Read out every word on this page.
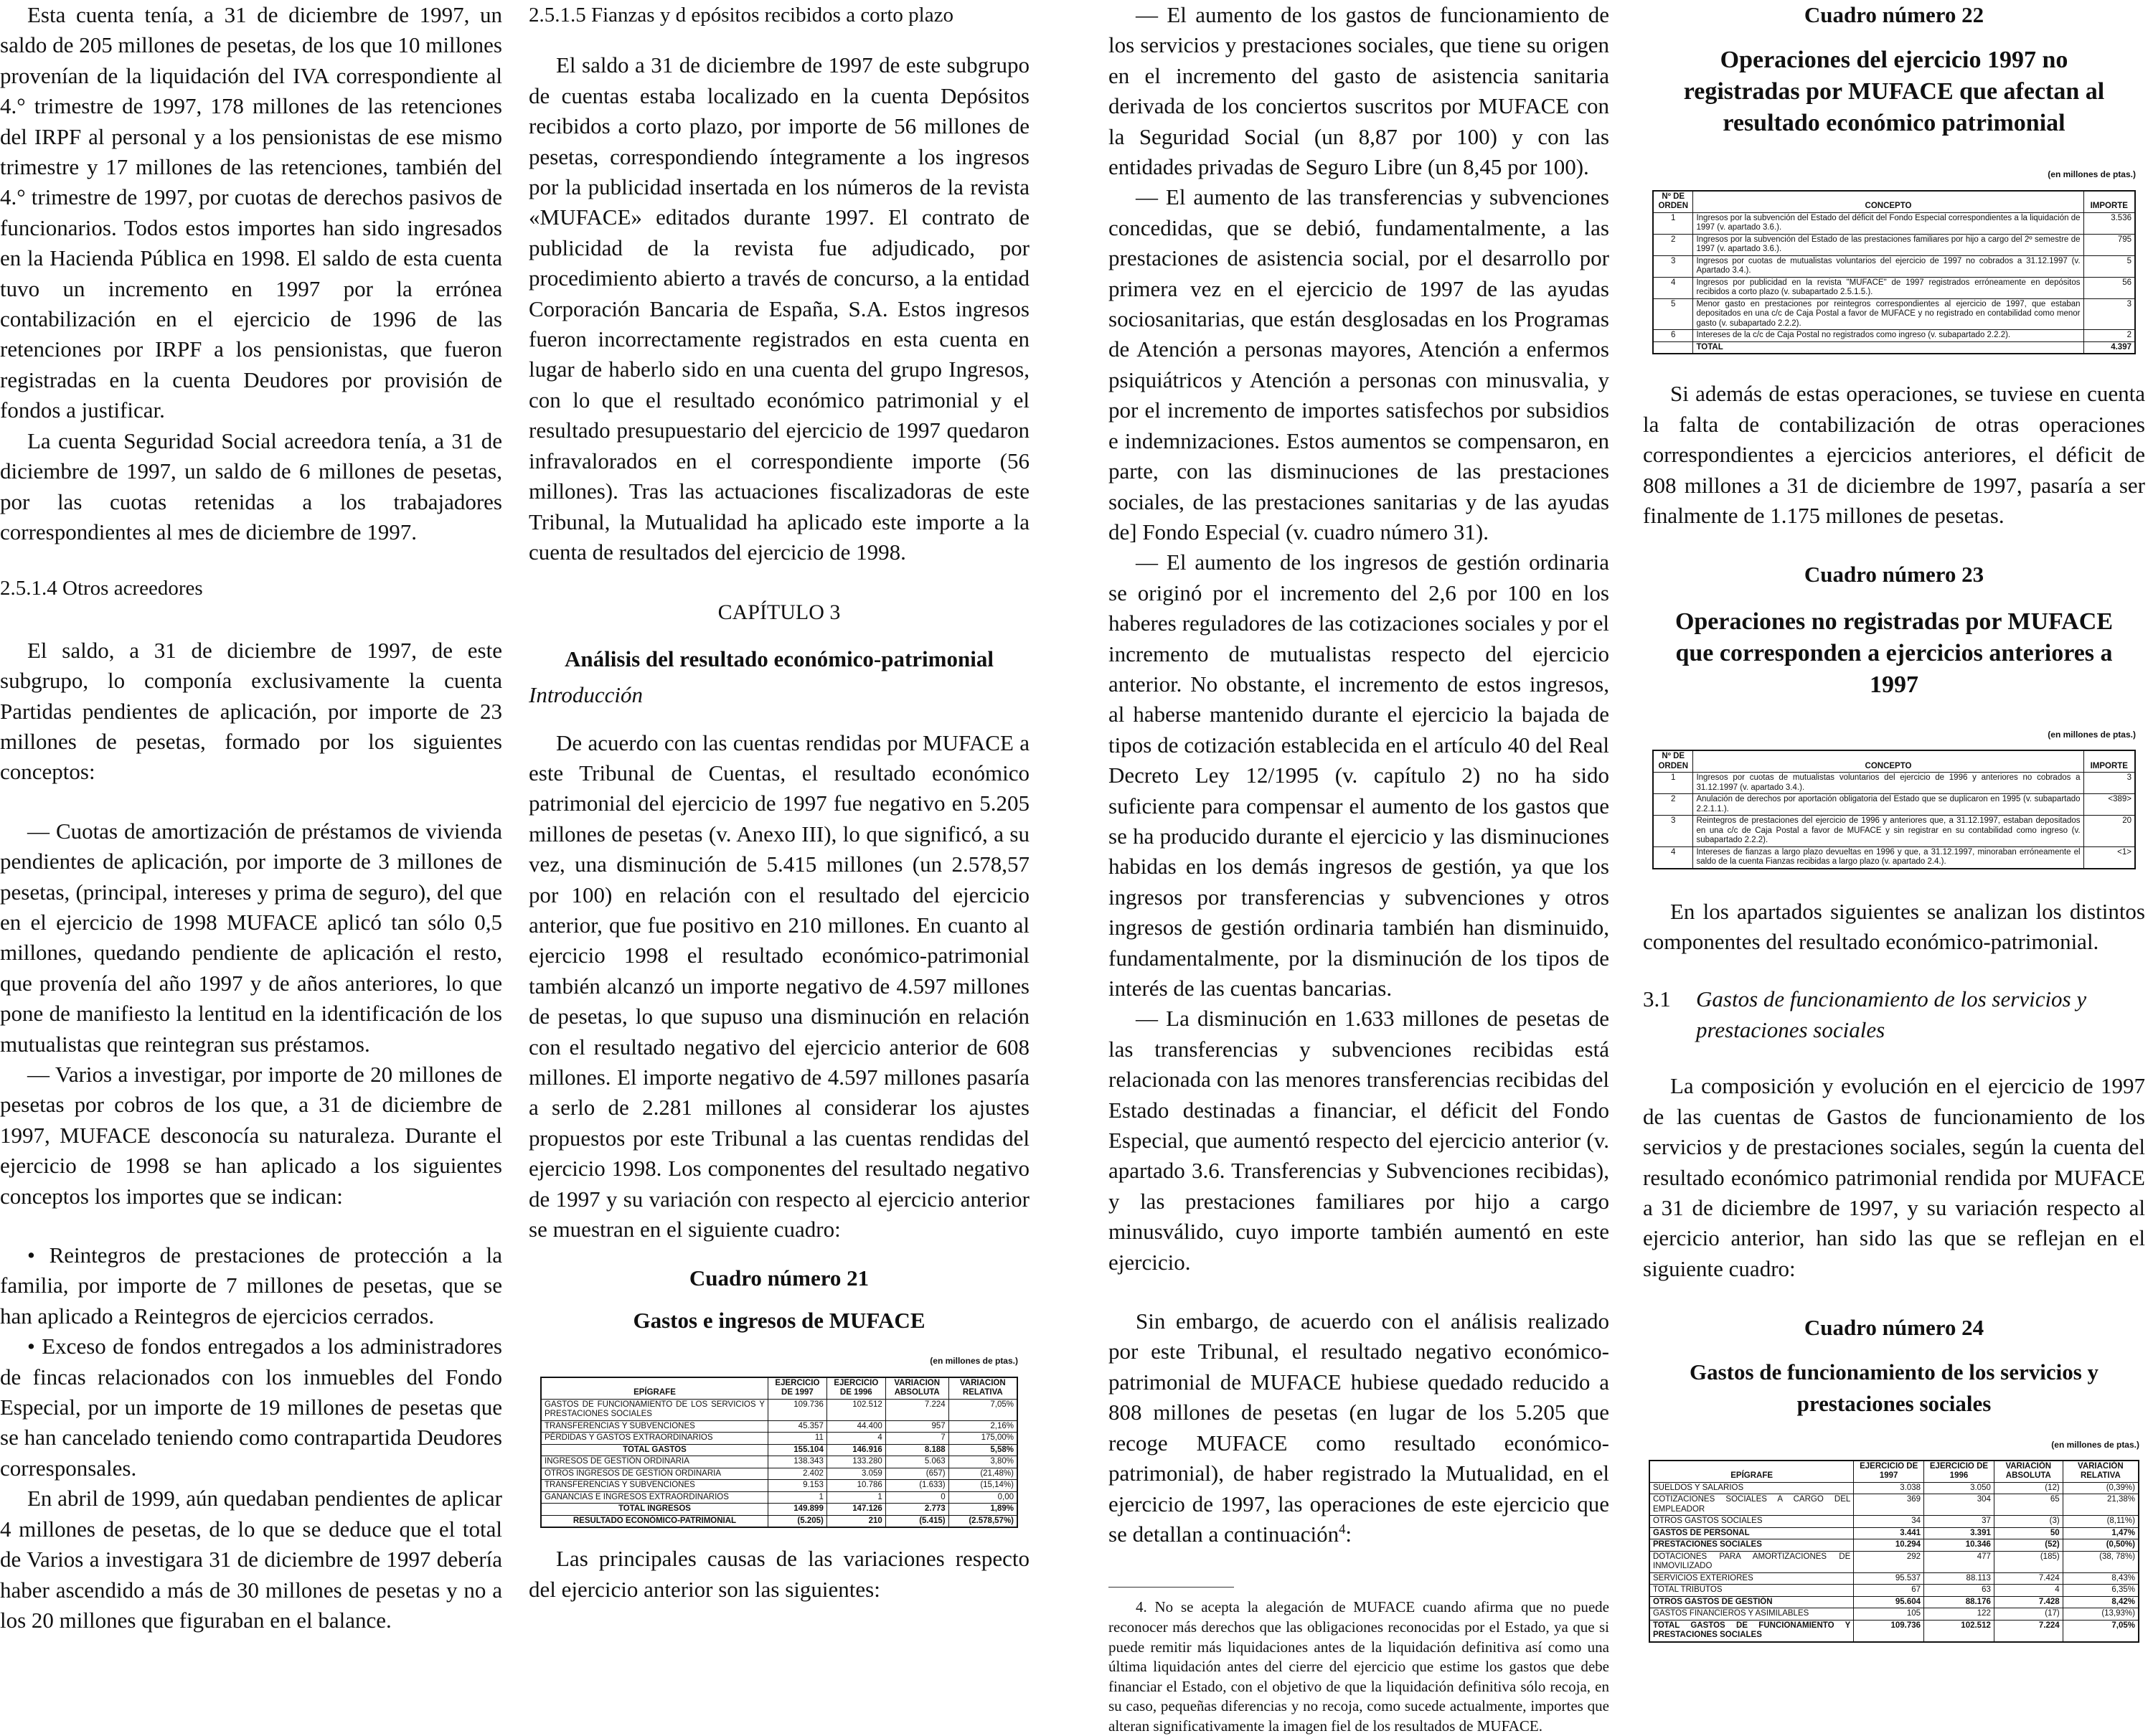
Esta cuenta tenía, a 31 de diciembre de 1997, un saldo de 205 millones de pesetas, de los que 10 millones provenían de la liquidación del IVA correspondiente al 4.° trimestre de 1997, 178 millones de las retenciones del IRPF al personal y a los pensionistas de ese mismo trimestre y 17 millones de las retenciones, también del 4.° trimestre de 1997, por cuotas de derechos pasivos de funcionarios. Todos estos importes han sido ingresados en la Hacienda Pública en 1998. El saldo de esta cuenta tuvo un incremento en 1997 por la errónea contabilización en el ejercicio de 1996 de las retenciones por IRPF a los pensionistas, que fueron registradas en la cuenta Deudores por provisión de fondos a justificar.

La cuenta Seguridad Social acreedora tenía, a 31 de diciembre de 1997, un saldo de 6 millones de pesetas, por las cuotas retenidas a los trabajadores correspondientes al mes de diciembre de 1997.

2.5.1.4 Otros acreedores

El saldo, a 31 de diciembre de 1997, de este subgrupo, lo componía exclusivamente la cuenta Partidas pendientes de aplicación, por importe de 23 millones de pesetas, formado por los siguientes conceptos:

— Cuotas de amortización de préstamos de vivienda pendientes de aplicación, por importe de 3 millones de pesetas, (principal, intereses y prima de seguro), del que en el ejercicio de 1998 MUFACE aplicó tan sólo 0,5 millones, quedando pendiente de aplicación el resto, que provenía del año 1997 y de años anteriores, lo que pone de manifiesto la lentitud en la identificación de los mutualistas que reintegran sus préstamos.

— Varios a investigar, por importe de 20 millones de pesetas por cobros de los que, a 31 de diciembre de 1997, MUFACE desconocía su naturaleza. Durante el ejercicio de 1998 se han aplicado a los siguientes conceptos los importes que se indican:

• Reintegros de prestaciones de protección a la familia, por importe de 7 millones de pesetas, que se han aplicado a Reintegros de ejercicios cerrados.

• Exceso de fondos entregados a los administradores de fincas relacionados con los inmuebles del Fondo Especial, por un importe de 19 millones de pesetas que se han cancelado teniendo como contrapartida Deudores corresponsales.

En abril de 1999, aún quedaban pendientes de aplicar 4 millones de pesetas, de lo que se deduce que el total de Varios a investigara 31 de diciembre de 1997 debería haber ascendido a más de 30 millones de pesetas y no a los 20 millones que figuraban en el balance.

2.5.1.5 Fianzas y d epósitos recibidos a corto plazo

El saldo a 31 de diciembre de 1997 de este subgrupo de cuentas estaba localizado en la cuenta Depósitos recibidos a corto plazo, por importe de 56 millones de pesetas, correspondiendo íntegramente a los ingresos por la publicidad insertada en los números de la revista «MUFACE» editados durante 1997. El contrato de publicidad de la revista fue adjudicado, por procedimiento abierto a través de concurso, a la entidad Corporación Bancaria de España, S.A. Estos ingresos fueron incorrectamente registrados en esta cuenta en lugar de haberlo sido en una cuenta del grupo Ingresos, con lo que el resultado económico patrimonial y el resultado presupuestario del ejercicio de 1997 quedaron infravalorados en el correspondiente importe (56 millones). Tras las actuaciones fiscalizadoras de este Tribunal, la Mutualidad ha aplicado este importe a la cuenta de resultados del ejercicio de 1998.

CAPÍTULO 3

Análisis del resultado económico-patrimonial

Introducción

De acuerdo con las cuentas rendidas por MUFACE a este Tribunal de Cuentas, el resultado económico patrimonial del ejercicio de 1997 fue negativo en 5.205 millones de pesetas (v. Anexo III), lo que significó, a su vez, una disminución de 5.415 millones (un 2.578,57 por 100) en relación con el resultado del ejercicio anterior, que fue positivo en 210 millones. En cuanto al ejercicio 1998 el resultado económico-patrimonial también alcanzó un importe negativo de 4.597 millones de pesetas, lo que supuso una disminución en relación con el resultado negativo del ejercicio anterior de 608 millones. El importe negativo de 4.597 millones pasaría a serlo de 2.281 millones al considerar los ajustes propuestos por este Tribunal a las cuentas rendidas del ejercicio 1998. Los componentes del resultado negativo de 1997 y su variación con respecto al ejercicio anterior se muestran en el siguiente cuadro:

Cuadro número 21

Gastos e ingresos de MUFACE

(en millones de ptas.)
EPÍGRAFE	EJERCICIO DE 1997	EJERCICIO DE 1996	VARIACION ABSOLUTA	VARIACION RELATIVA
GASTOS DE FUNCIONAMIENTO DE LOS SERVICIOS Y PRESTACIONES SOCIALES	109.736	102.512	7.224	7,05%
TRANSFERENCIAS Y SUBVENCIONES	45.357	44.400	957	2,16%
PÉRDIDAS Y GASTOS EXTRAORDINARIOS	11	4	7	175,00%
TOTAL GASTOS	155.104	146.916	8.188	5,58%
INGRESOS DE GESTIÓN ORDINARIA	138.343	133.280	5.063	3,80%
OTROS INGRESOS DE GESTIÓN ORDINARIA	2.402	3.059	(657)	(21,48%)
TRANSFERENCIAS Y SUBVENCIONES	9.153	10.786	(1.633)	(15,14%)
GANANCIAS E INGRESOS EXTRAORDINARIOS	1	1	0	0,00
TOTAL INGRESOS	149.899	147.126	2.773	1,89%
RESULTADO ECONÓMICO-PATRIMONIAL	(5.205)	210	(5.415)	(2.578,57%)

Las principales causas de las variaciones respecto del ejercicio anterior son las siguientes:

— El aumento de los gastos de funcionamiento de los servicios y prestaciones sociales, que tiene su origen en el incremento del gasto de asistencia sanitaria derivada de los conciertos suscritos por MUFACE con la Seguridad Social (un 8,87 por 100) y con las entidades privadas de Seguro Libre (un 8,45 por 100).

— El aumento de las transferencias y subvenciones concedidas, que se debió, fundamentalmente, a las prestaciones de asistencia social, por el desarrollo por primera vez en el ejercicio de 1997 de las ayudas sociosanitarias, que están desglosadas en los Programas de Atención a personas mayores, Atención a enfermos psiquiátricos y Atención a personas con minusvalia, y por el incremento de importes satisfechos por subsidios e indemnizaciones. Estos aumentos se compensaron, en parte, con las disminuciones de las prestaciones sociales, de las prestaciones sanitarias y de las ayudas de] Fondo Especial (v. cuadro número 31).

— El aumento de los ingresos de gestión ordinaria se originó por el incremento del 2,6 por 100 en los haberes reguladores de las cotizaciones sociales y por el incremento de mutualistas respecto del ejercicio anterior. No obstante, el incremento de estos ingresos, al haberse mantenido durante el ejercicio la bajada de tipos de cotización establecida en el artículo 40 del Real Decreto Ley 12/1995 (v. capítulo 2) no ha sido suficiente para compensar el aumento de los gastos que se ha producido durante el ejercicio y las disminuciones habidas en los demás ingresos de gestión, ya que los ingresos por transferencias y subvenciones y otros ingresos de gestión ordinaria también han disminuido, fundamentalmente, por la disminución de los tipos de interés de las cuentas bancarias.

— La disminución en 1.633 millones de pesetas de las transferencias y subvenciones recibidas está relacionada con las menores transferencias recibidas del Estado destinadas a financiar, el déficit del Fondo Especial, que aumentó respecto del ejercicio anterior (v. apartado 3.6. Transferencias y Subvenciones recibidas), y las prestaciones familiares por hijo a cargo minusválido, cuyo importe también aumentó en este ejercicio.

Sin embargo, de acuerdo con el análisis realizado por este Tribunal, el resultado negativo económico-patrimonial de MUFACE hubiese quedado reducido a 808 millones de pesetas (en lugar de los 5.205 que recoge MUFACE como resultado económico-patrimonial), de haber registrado la Mutualidad, en el ejercicio de 1997, las operaciones de este ejercicio que se detallan a continuación$^4$:

4. No se acepta la alegación de MUFACE cuando afirma que no puede reconocer más derechos que las obligaciones reconocidas por el Estado, ya que si puede remitir más liquidaciones antes de la liquidación definitiva así como una última liquidación antes del cierre del ejercicio que estime los gastos que debe financiar el Estado, con el objetivo de que la liquidación definitiva sólo recoja, en su caso, pequeñas diferencias y no recoja, como sucede actualmente, importes que alteran significativamente la imagen fiel de los resultados de MUFACE.

Cuadro número 22

Operaciones del ejercicio 1997 no registradas por MUFACE que afectan al resultado económico patrimonial

(en millones de ptas.)
Nº DE ORDEN	CONCEPTO	IMPORTE
1	Ingresos por la subvención del Estado del déficit del Fondo Especial correspondientes a la liquidación de 1997 (v. apartado 3.6.).	3.536
2	Ingresos por la subvención del Estado de las prestaciones familiares por hijo a cargo del 2º semestre de 1997 (v. apartado 3.6.).	795
3	Ingresos por cuotas de mutualistas voluntarios del ejercicio de 1997 no cobrados a 31.12.1997 (v. Apartado 3.4.).	5
4	Ingresos por publicidad en la revista "MUFACE" de 1997 registrados erróneamente en depósitos recibidos a corto plazo (v. subapartado 2.5.1.5.).	56
5	Menor gasto en prestaciones por reintegros correspondientes al ejercicio de 1997, que estaban depositados en una c/c de Caja Postal a favor de MUFACE y no registrado en contabilidad como menor gasto (v. subapartado 2.2.2).	3
6	Intereses de la c/c de Caja Postal no registrados como ingreso (v. subapartado 2.2.2).	2
	TOTAL	4.397

Si además de estas operaciones, se tuviese en cuenta la falta de contabilización de otras operaciones correspondientes a ejercicios anteriores, el déficit de 808 millones a 31 de diciembre de 1997, pasaría a ser finalmente de 1.175 millones de pesetas.

Cuadro número 23

Operaciones no registradas por MUFACE que corresponden a ejercicios anteriores a 1997

(en millones de ptas.)
Nº DE ORDEN	CONCEPTO	IMPORTE
1	Ingresos por cuotas de mutualistas voluntarios del ejercicio de 1996 y anteriores no cobrados a 31.12.1997 (v. apartado 3.4.).	3
2	Anulación de derechos por aportación obligatoria del Estado que se duplicaron en 1995 (v. subapartado 2.2.1.1.).	<389>
3	Reintegros de prestaciones del ejercicio de 1996 y anteriores que, a 31.12.1997, estaban depositados en una c/c de Caja Postal a favor de MUFACE y sin registrar en su contabilidad como ingreso (v. subapartado 2.2.2).	20
4	Intereses de fianzas a largo plazo devueltas en 1996 y que, a 31.12.1997, minoraban erróneamente el saldo de la cuenta Fianzas recibidas a largo plazo (v. apartado 2.4.).	<1>

En los apartados siguientes se analizan los distintos componentes del resultado económico-patrimonial.

3.1	Gastos de funcionamiento de los servicios y prestaciones sociales

La composición y evolución en el ejercicio de 1997 de las cuentas de Gastos de funcionamiento de los servicios y de prestaciones sociales, según la cuenta del resultado económico patrimonial rendida por MUFACE a 31 de diciembre de 1997, y su variación respecto al ejercicio anterior, han sido las que se reflejan en el siguiente cuadro:

Cuadro número 24

Gastos de funcionamiento de los servicios y prestaciones sociales

(en millones de ptas.)
EPÍGRAFE	EJERCICIO DE 1997	EJERCICIO DE 1996	VARIACIÓN ABSOLUTA	VARIACIÓN RELATIVA
SUELDOS Y SALARIOS	3.038	3.050	(12)	(0,39%)
COTIZACIONES SOCIALES A CARGO DEL EMPLEADOR	369	304	65	21,38%
OTROS GASTOS SOCIALES	34	37	(3)	(8,11%)
GASTOS DE PERSONAL	3.441	3.391	50	1,47%
PRESTACIONES SOCIALES	10.294	10.346	(52)	(0,50%)
DOTACIONES PARA AMORTIZACIONES DE INMOVILIZADO	292	477	(185)	(38, 78%)
SERVICIOS EXTERIORES	95.537	88.113	7.424	8,43%
TOTAL TRIBUTOS	67	63	4	6,35%
OTROS GASTOS DE GESTIÓN	95.604	88.176	7.428	8,42%
GASTOS FINANCIEROS Y ASIMILABLES	105	122	(17)	(13,93%)
TOTAL GASTOS DE FUNCIONAMIENTO Y PRESTACIONES SOCIALES	109.736	102.512	7.224	7,05%
